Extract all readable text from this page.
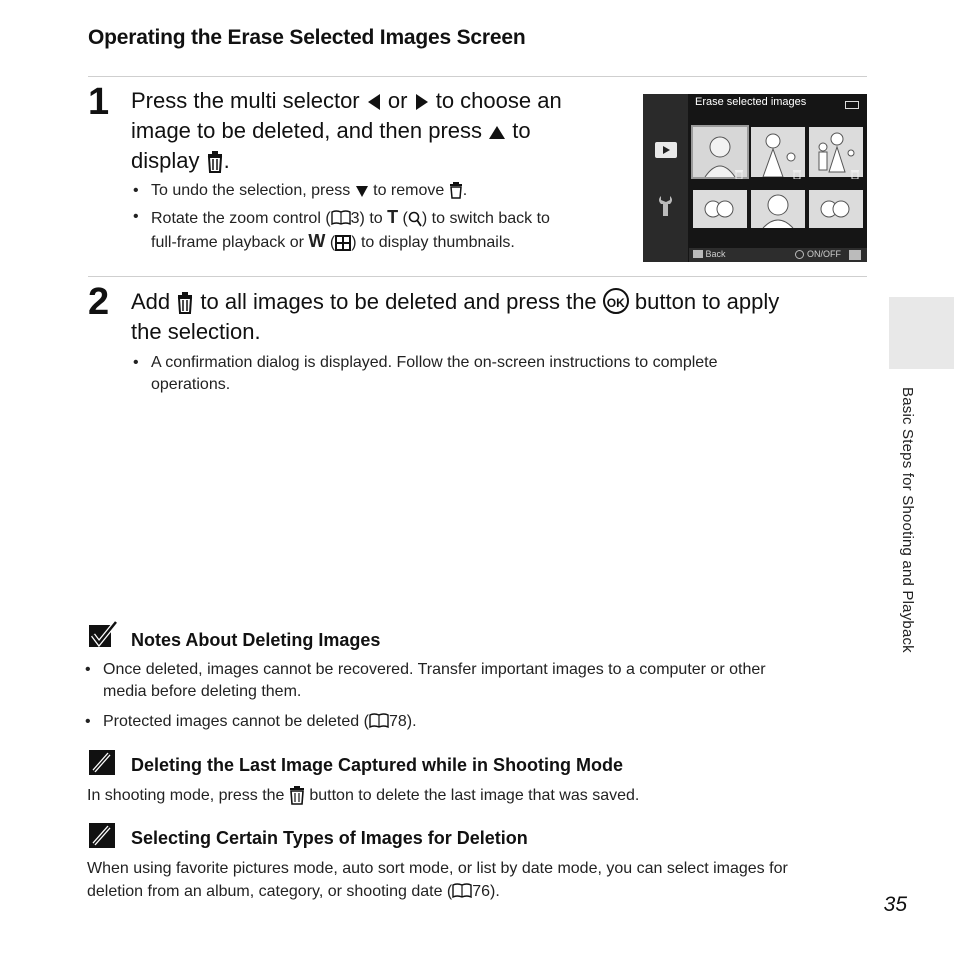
Operating the Erase Selected Images Screen
1 Press the multi selector or to choose an
image to be deleted, and then press to
display .
• To undo the selection, press to remove .
• Rotate the zoom control ( 3) to T ( ) to switch back to
full-frame playback or W ( ) to display thumbnails.
Erase selected images
Back	ON/OFF
2 Add to all images to be deleted and press the OK button to apply
the selection.
• A confirmation dialog is displayed. Follow the on-screen instructions to complete
operations.
Notes About Deleting Images
• Once deleted, images cannot be recovered. Transfer important images to a computer or other
media before deleting them.
• Protected images cannot be deleted ( 78).
Deleting the Last Image Captured while in Shooting Mode
In shooting mode, press the button to delete the last image that was saved.
Selecting Certain Types of Images for Deletion
When using favorite pictures mode, auto sort mode, or list by date mode, you can select images for
deletion from an album, category, or shooting date ( 76).
Basic Steps for Shooting and Playback
35
